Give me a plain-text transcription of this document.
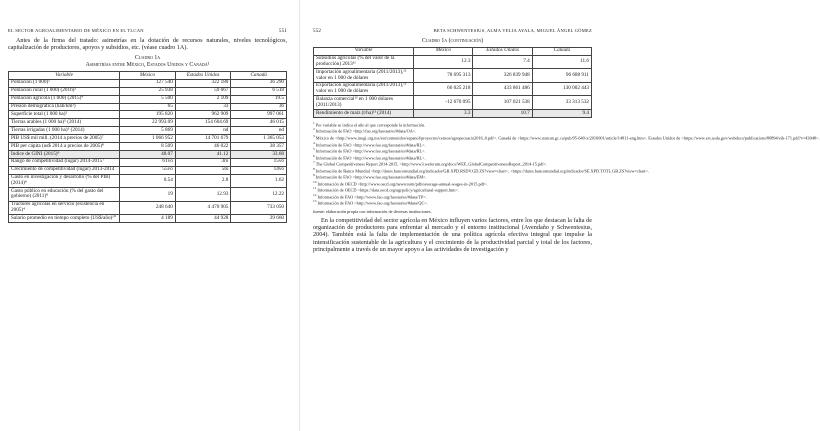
EL SECTOR AGROALIMENTARIO DE MÉXICO EN EL TLCAN	551

Antes de la firma del tratado: asimetrías en la dotación de recursos naturales, niveles tecnológicos, capitalización de productores, apoyos y subsidios, etc. (véase cuadro 1A).

Cuadro 1a
Asimetrías entre México, Estados Unidos y Canadá¹
Variable	México	Estados Unidos	Canadá
Población (1 000)²	127 540	322 180	36 290
Población rural (1 000) (2016)³	25 938	59 667	6 518
Población agrícola (1 000) (2015)⁴	5 500	2 109	19.5
Presión demográfica (hab/km²)	65	33	36
Superficie total (1 000 ha)²	195 820	962 909	997 061
Tierras arables (1 000 ha)⁵ (2014)	22 993.09	154 604.69	46 015
Tierras irrigadas (1 000 ha)⁶ (2014)	5 869	nd	nd
PIB US$ mil mill. (2014 a precios de 2005)⁷	1 066 952	14 701 679	1 365 053
PIB per cápita (us$ 2014 a precios de 2005)⁸	8 509	46 022	38 357
Índice de GINI (2015)⁹	48.07	41.12	33.68
Rango de competitividad (lugar) 2014-2015⁷	61vo	3ro	15vo
Crecimiento de competitividad (lugar) 2013-2014	55vo	5to	14vo
Gasto en investigación y desarrollo (% del PIB) (2014)⁸	0.54	2.8	1.62
Gasto público en educación (% del gasto del gobierno) (2011)⁸	19	12.93	12.22
Tractores agrícolas en servicio (existencia en 2005)⁴	248 640	4 470 905	733 050
Salario promedio en tiempo completo (US$/año)¹⁰	4 189	44 928	39 660
552	BETA SCHWENTESIUS, ALMA VELIA AYALA, MIGUEL ÁNGEL GÓMEZ
Cuadro 1a (continuación)
Variable	México	Estados Unidos	Canadá
Subsidios agrícolas (% del valor de la producción) 2013¹¹	12.3	7.4	11.6
Importación agroalimentaria (2011/2013),¹² valor en 1 000 de dólares	78 695 313	326 839 948	96 688 911
Exportación agroalimentaria (2011/2013),¹² valor en 1 000 de dólares	66 025 218	433 861 486	130 002 443
Balanza comercial¹² en 1 000 dólares (2011/2013)	-12 670 095	107 021 538	33 313 532
Rendimiento de maíz (t/ha)¹³ (2014)	3.3	10.7	9.4
$^1$ Por variable se indica el año al que corresponde la información.
$^2$ Información de FAO <http://fao.org/faostat/es/#data/OA>.
$^3$ México de <http://www.inegi.org.mx/est/contenidos/espanol/proyectos/censos/agropecuario2016_0.pdf>. Canadá de <https://www.statcan.gc.ca/pub/95-640-x/2016001/article/14811-eng.htm>. Estados Unidos de <https://www.ers.usda.gov/webdocs/publications/80894/eib-171.pdf?v=43048>.
$^4$ Información de FAO <http://www.fao.org/faostat/es/#data/RL>.
$^5$ Información de FAO <http://www.fao.org/faostat/es/#data/RL>.
$^6$ Información de FAO <http://www.fao.org/faostat/es/#data/RL>.
$^7$ The Global Competitiveness Report 2014-2015, <http://www3.weforum.org/docs/WEF_GlobalCompetitivenessReport_2014-15.pdf>.
$^8$ Información de Banco Mundial <http://datos.bancomundial.org/indicador/GB.XPD.RSDV.GD.ZS?view=chart>, <https://datos.bancomundial.org/indicador/SE.XPD.TOTL.GB.ZS?view=chart>.
$^9$ Información de FAO <http://www.fao.org/faostat/es/#data/EM>.
$^{10}$ Información de OECD <http://www.oecd.org/newsroom/pdfs/average-annual-wages-in-2015.pdf>.
$^{11}$ Información de OECD <https://data.oecd.org/agrpolicy/agricultural-support.htm>.
$^{12}$ Información de FAO <http://www.fao.org/faostat/es/#data/TP>.
$^{13}$ Información de FAO <http://www.fao.org/faostat/es/#data/QC>.
fuente: elaboración propia con información de diversas instituciones.

En la competitividad del sector agrícola en México influyen varios factores, entre los que destacan la falta de organización de productores para enfrentar al mercado y el entorno institucional (Avendaño y Schwentesius, 2004). También está la falta de implementación de una política agrícola efectiva integral que impulse la intensificación sustentable de la agricultura y el crecimiento de la productividad parcial y total de los factores, principalmente a través de un mayor apoyo a las actividades de investigación y
